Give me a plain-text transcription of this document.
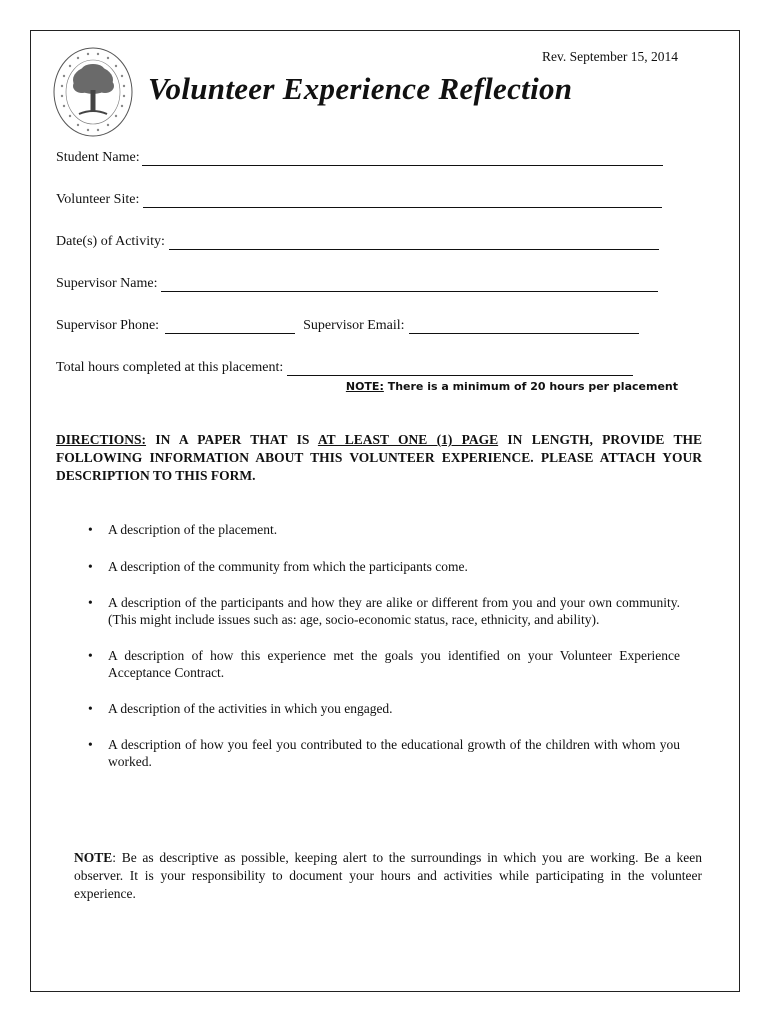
Rev. September 15, 2014
Volunteer Experience Reflection
Student Name:
Volunteer Site:
Date(s) of Activity:
Supervisor Name:
Supervisor Phone:	Supervisor Email:
Total hours completed at this placement:
NOTE: There is a minimum of 20 hours per placement
DIRECTIONS: IN A PAPER THAT IS AT LEAST ONE (1) PAGE IN LENGTH, PROVIDE THE FOLLOWING INFORMATION ABOUT THIS VOLUNTEER EXPERIENCE. PLEASE ATTACH YOUR DESCRIPTION TO THIS FORM.
• A description of the placement.
• A description of the community from which the participants come.
• A description of the participants and how they are alike or different from you and your own community. (This might include issues such as: age, socio-economic status, race, ethnicity, and ability).
• A description of how this experience met the goals you identified on your Volunteer Experience Acceptance Contract.
• A description of the activities in which you engaged.
• A description of how you feel you contributed to the educational growth of the children with whom you worked.
NOTE: Be as descriptive as possible, keeping alert to the surroundings in which you are working. Be a keen observer. It is your responsibility to document your hours and activities while participating in the volunteer experience.
